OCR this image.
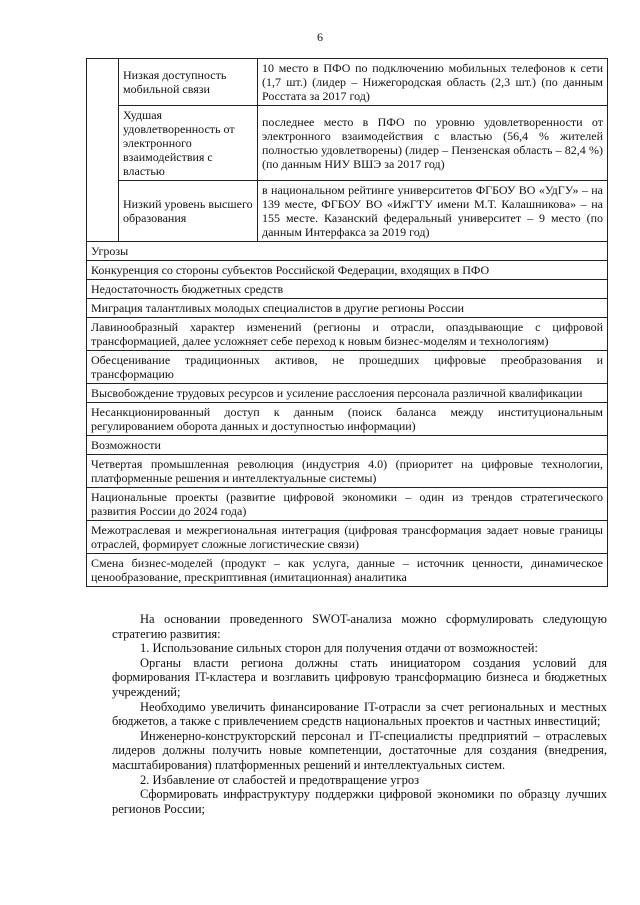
6
	Низкая доступность мобильной связи	10 место в ПФО по подключению мобильных телефонов к сети (1,7 шт.) (лидер – Нижегородская область (2,3 шт.) (по данным Росстата за 2017 год)
	Худшая удовлетворенность от электронного взаимодействия с властью	последнее место в ПФО по уровню удовлетворенности от электронного взаимодействия с властью (56,4 % жителей полностью удовлетворены) (лидер – Пензенская область – 82,4 %) (по данным НИУ ВШЭ за 2017 год)
	Низкий уровень высшего образования	в национальном рейтинге университетов ФГБОУ ВО «УдГУ» – на 139 месте, ФГБОУ ВО «ИжГТУ имени М.Т. Калашникова» – на 155 месте. Казанский федеральный университет – 9 место (по данным Интерфакса за 2019 год)
Угрозы		
Конкуренция со стороны субъектов Российской Федерации, входящих в ПФО		
Недостаточность бюджетных средств		
Миграция талантливых молодых специалистов в другие регионы России		
Лавинообразный характер изменений (регионы и отрасли, опаздывающие с цифровой трансформацией, далее усложняет себе переход к новым бизнес-моделям и технологиям)		
Обесценивание традиционных активов, не прошедших цифровые преобразования и трансформацию		
Высвобождение трудовых ресурсов и усиление расслоения персонала различной квалификации		
Несанкционированный доступ к данным (поиск баланса между институциональным регулированием оборота данных и доступностью информации)		
Возможности		
Четвертая промышленная революция (индустрия 4.0) (приоритет на цифровые технологии, платформенные решения и интеллектуальные системы)		
Национальные проекты (развитие цифровой экономики – один из трендов стратегического развития России до 2024 года)		
Межотраслевая и межрегиональная интеграция (цифровая трансформация задает новые границы отраслей, формирует сложные логистические связи)		
Смена бизнес-моделей (продукт – как услуга, данные – источник ценности, динамическое ценообразование, прескриптивная (имитационная) аналитика		

На основании проведенного SWOT-анализа можно сформулировать следующую стратегию развития:

1. Использование сильных сторон для получения отдачи от возможностей:

Органы власти региона должны стать инициатором создания условий для формирования IT-кластера и возглавить цифровую трансформацию бизнеса и бюджетных учреждений;

Необходимо увеличить финансирование IT-отрасли за счет региональных и местных бюджетов, а также с привлечением средств национальных проектов и частных инвестиций;

Инженерно-конструкторский персонал и IT-специалисты предприятий – отраслевых лидеров должны получить новые компетенции, достаточные для создания (внедрения, масштабирования) платформенных решений и интеллектуальных систем.

2. Избавление от слабостей и предотвращение угроз

Сформировать инфраструктуру поддержки цифровой экономики по образцу лучших регионов России;
